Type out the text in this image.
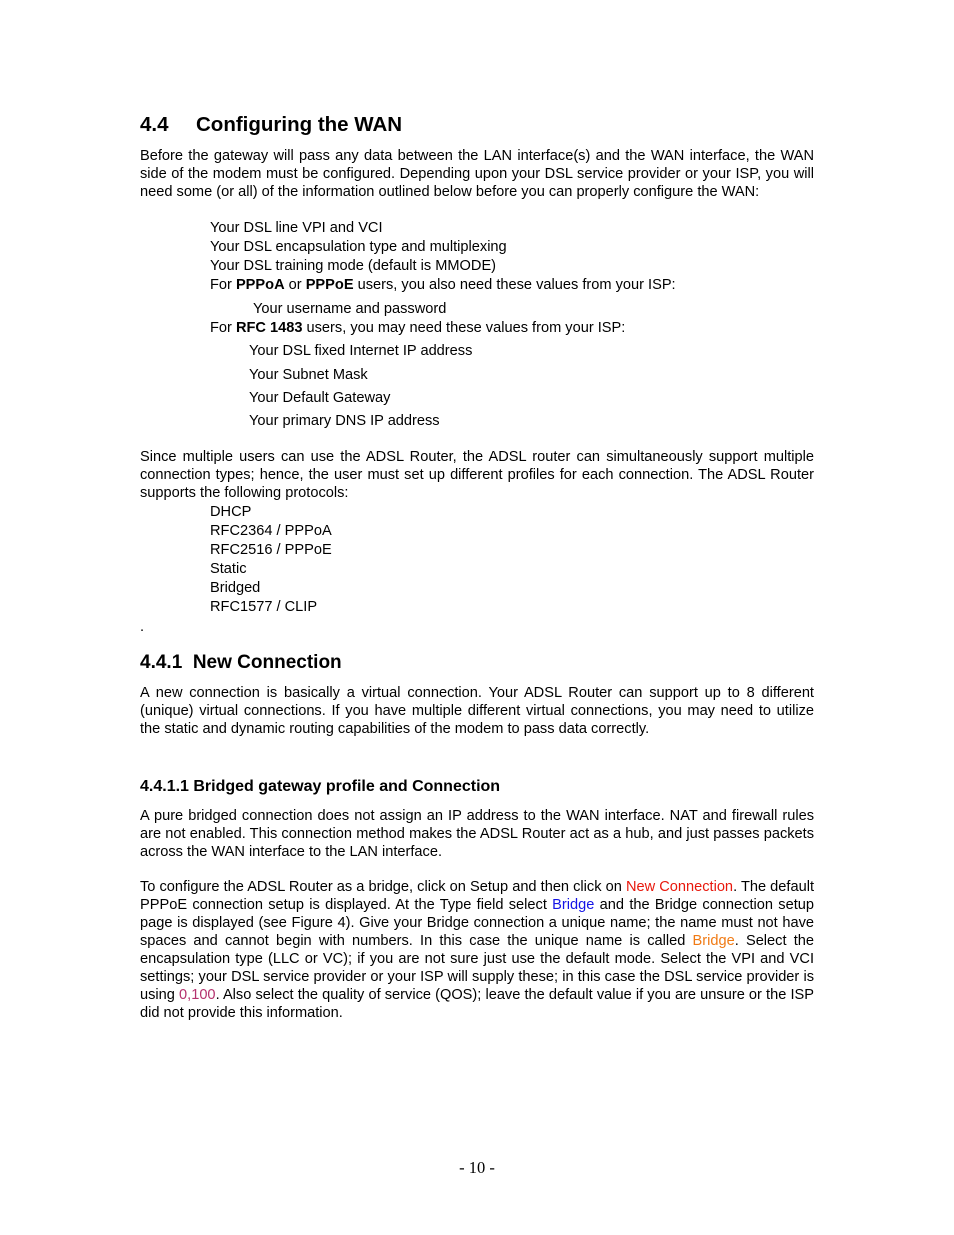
4.4 Configuring the WAN

Before the gateway will pass any data between the LAN interface(s) and the WAN interface, the WAN side of the modem must be configured. Depending upon your DSL service provider or your ISP, you will need some (or all) of the information outlined below before you can properly configure the WAN:

Your DSL line VPI and VCI
Your DSL encapsulation type and multiplexing
Your DSL training mode (default is MMODE)
For PPPoA or PPPoE users, you also need these values from your ISP:
Your username and password
For RFC 1483 users, you may need these values from your ISP:
Your DSL fixed Internet IP address
Your Subnet Mask
Your Default Gateway
Your primary DNS IP address

Since multiple users can use the ADSL Router, the ADSL router can simultaneously support multiple connection types; hence, the user must set up different profiles for each connection. The ADSL Router supports the following protocols:

DHCP
RFC2364 / PPPoA
RFC2516 / PPPoE
Static
Bridged
RFC1577 / CLIP
.
4.4.1 New Connection

A new connection is basically a virtual connection. Your ADSL Router can support up to 8 different (unique) virtual connections. If you have multiple different virtual connections, you may need to utilize the static and dynamic routing capabilities of the modem to pass data correctly.

4.4.1.1 Bridged gateway profile and Connection

A pure bridged connection does not assign an IP address to the WAN interface. NAT and firewall rules are not enabled. This connection method makes the ADSL Router act as a hub, and just passes packets across the WAN interface to the LAN interface.

To configure the ADSL Router as a bridge, click on Setup and then click on New Connection. The default PPPoE connection setup is displayed. At the Type field select Bridge and the Bridge connection setup page is displayed (see Figure 4). Give your Bridge connection a unique name; the name must not have spaces and cannot begin with numbers. In this case the unique name is called Bridge. Select the encapsulation type (LLC or VC); if you are not sure just use the default mode. Select the VPI and VCI settings; your DSL service provider or your ISP will supply these; in this case the DSL service provider is using 0,100. Also select the quality of service (QOS); leave the default value if you are unsure or the ISP did not provide this information.

- 10 -
